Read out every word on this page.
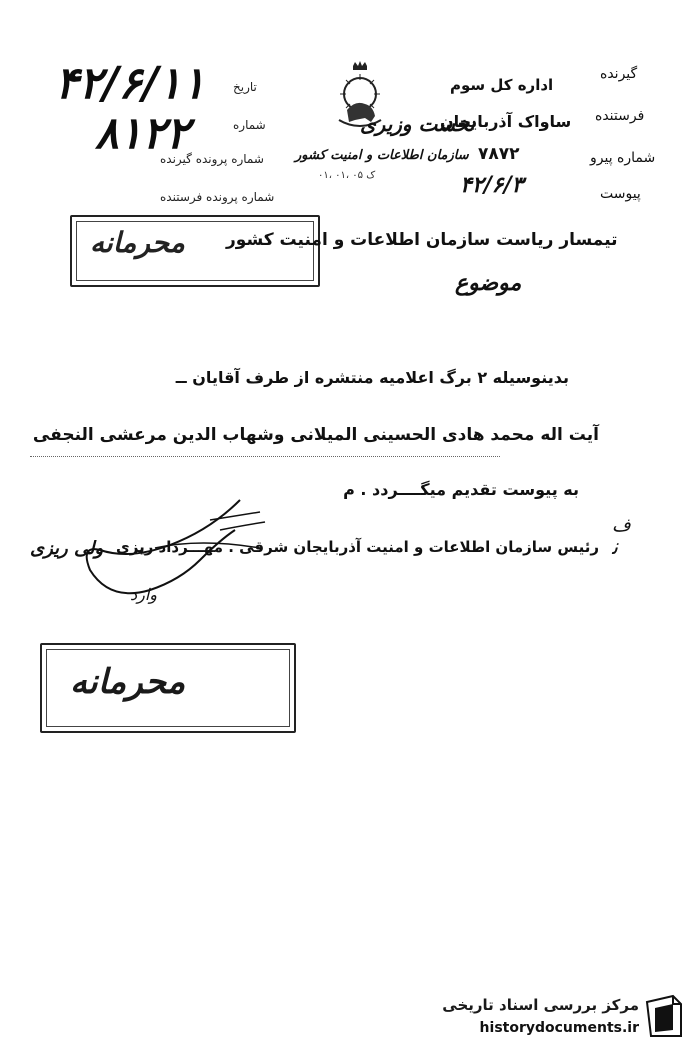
تاریخ
۴۲/۶/۱۱
شماره
۸۱۲۲
شماره پرونده گیرنده
شماره پرونده فرستنده
نخست وزیری
سازمان اطلاعات و امنیت کشور
۰۱، ۰۱، ۰۵ ک
گیرنده
اداره کل سوم
فرستنده
ساواک آذربایجان
شماره پیرو
۷۸۷۲
پیوست
۴۲/۶/۳
تیمسار ریاست سازمان اطلاعات و امنیت کشور
محرمانه
موضوع
بدینوسیله ۲ برگ اعلامیه منتشره از طرف آقایان ــ
آیت اله محمد هادی الحسینی المیلانی وشهاب الدین مرعشی النجفی
به پیوست تقدیم میگــــردد . م
ف
رئیس سازمان اطلاعات و امنیت آذربایجان شرقی . مهـــرداد ریزی
ولی ریزی	ﻧ
وارد
محرمانه
مرکز بررسی اسناد تاریخی
historydocuments.ir
